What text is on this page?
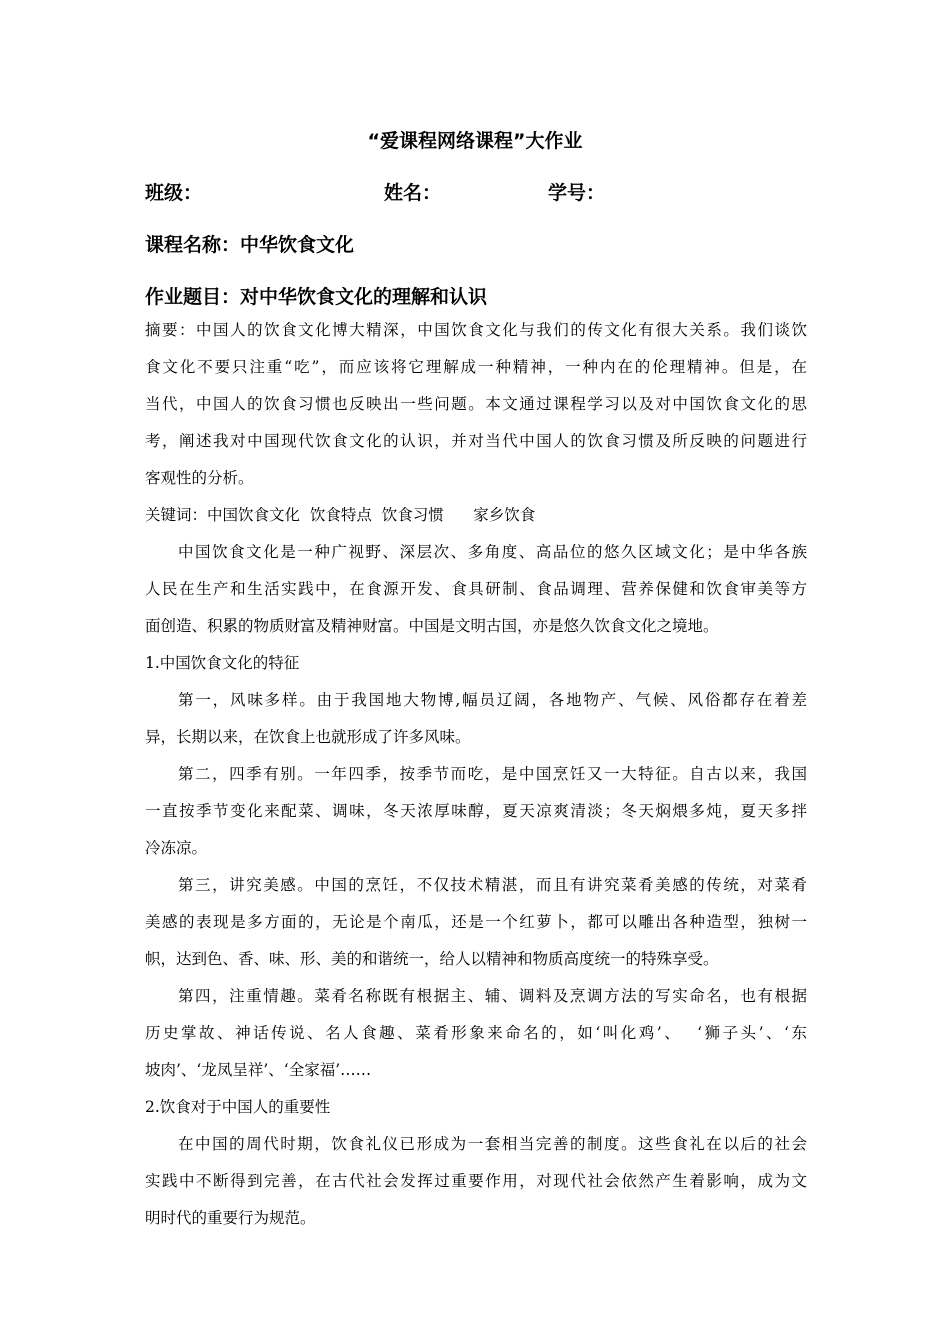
“爱课程网络课程”大作业
班级：	姓名：	学号：
课程名称：中华饮食文化
作业题目：对中华饮食文化的理解和认识
摘要：中国人的饮食文化博大精深，中国饮食文化与我们的传文化有很大关系。我们谈饮
食文化不要只注重“吃”，而应该将它理解成一种精神，一种内在的伦理精神。但是，在
当代，中国人的饮食习惯也反映出一些问题。本文通过课程学习以及对中国饮食文化的思
考，阐述我对中国现代饮食文化的认识，并对当代中国人的饮食习惯及所反映的问题进行
客观性的分析。
关键词：中国饮食文化  饮食特点  饮食习惯      家乡饮食
中国饮食文化是一种广视野、深层次、多角度、高品位的悠久区域文化；是中华各族
人民在生产和生活实践中，在食源开发、食具研制、食品调理、营养保健和饮食审美等方
面创造、积累的物质财富及精神财富。中国是文明古国，亦是悠久饮食文化之境地。
1.中国饮食文化的特征
第一，风味多样。由于我国地大物博,幅员辽阔，各地物产、气候、风俗都存在着差
异，长期以来，在饮食上也就形成了许多风味。
第二，四季有别。一年四季，按季节而吃，是中国烹饪又一大特征。自古以来，我国
一直按季节变化来配菜、调味，冬天浓厚味醇，夏天凉爽清淡；冬天焖煨多炖，夏天多拌
冷冻凉。
第三，讲究美感。中国的烹饪，不仅技术精湛，而且有讲究菜肴美感的传统，对菜肴
美感的表现是多方面的，无论是个南瓜，还是一个红萝卜，都可以雕出各种造型，独树一
帜，达到色、香、味、形、美的和谐统一，给人以精神和物质高度统一的特殊享受。
第四，注重情趣。菜肴名称既有根据主、辅、调料及烹调方法的写实命名，也有根据
历史掌故、神话传说、名人食趣、菜肴形象来命名的，如‘叫化鸡’、  ‘狮子头’、‘东
坡肉’、‘龙凤呈祥’、‘全家福’……
2.饮食对于中国人的重要性
在中国的周代时期，饮食礼仪已形成为一套相当完善的制度。这些食礼在以后的社会
实践中不断得到完善，在古代社会发挥过重要作用，对现代社会依然产生着影响，成为文
明时代的重要行为规范。
